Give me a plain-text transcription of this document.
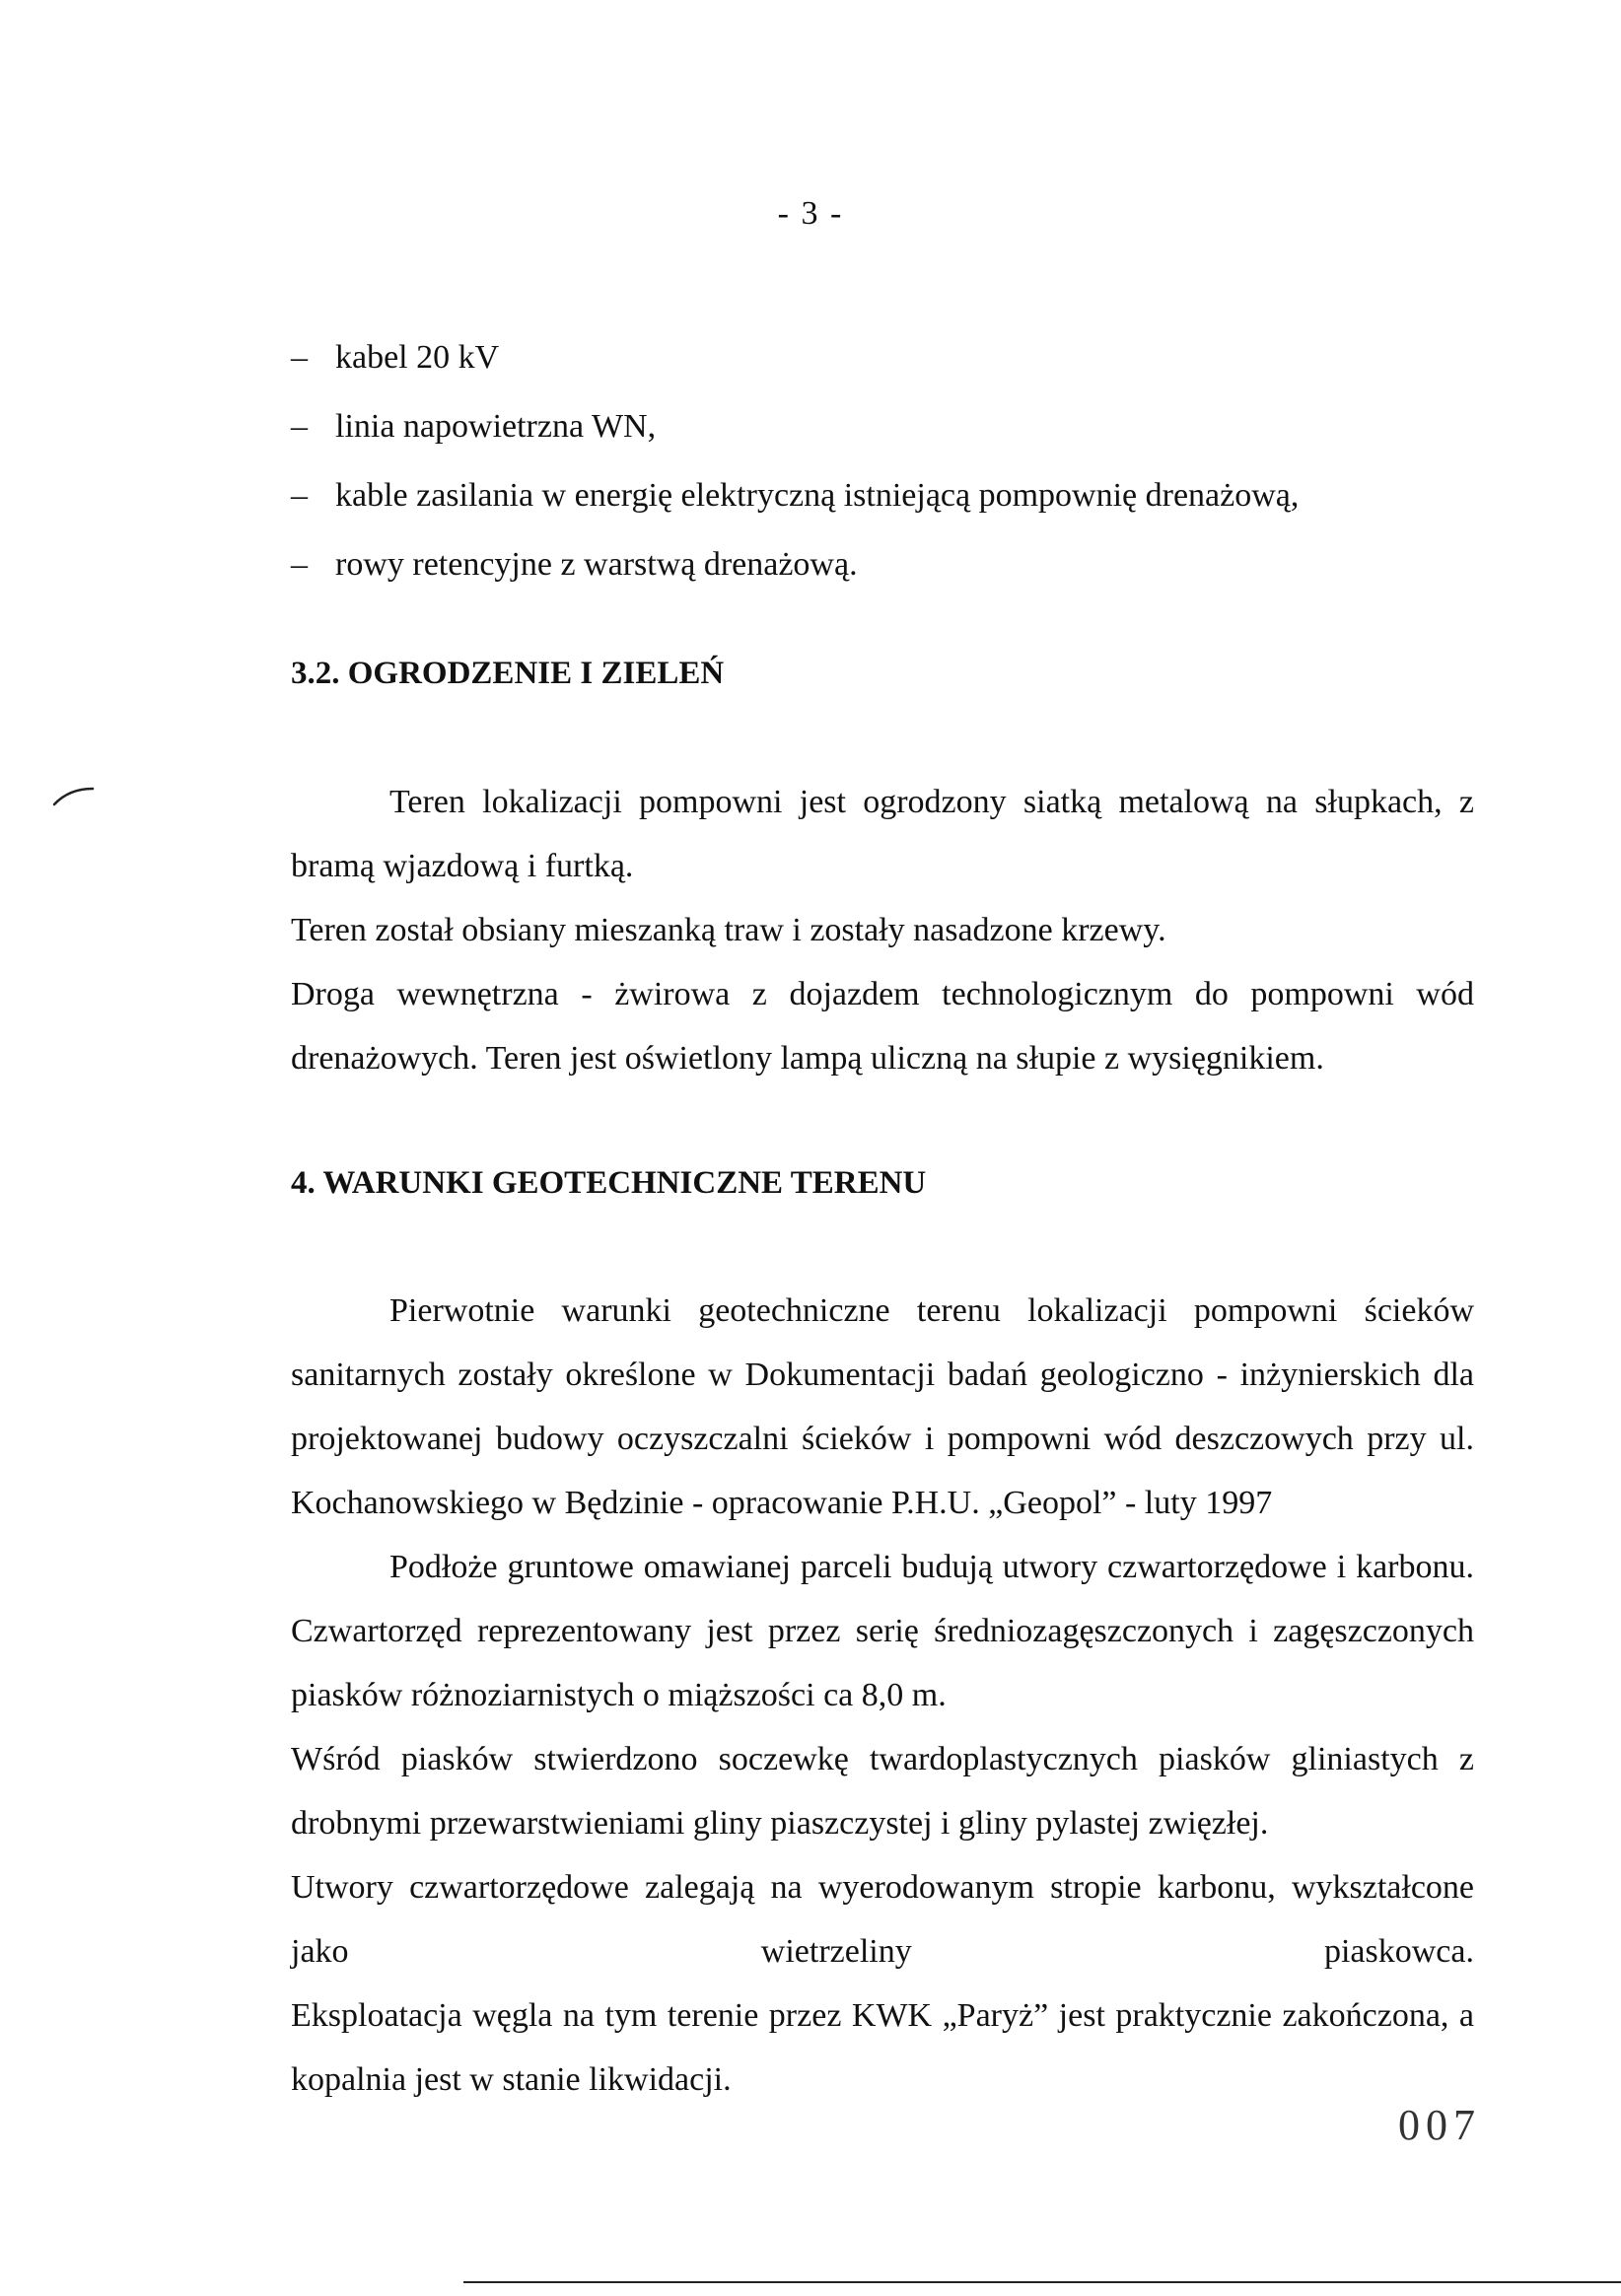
- 3 -
– kabel 20 kV
– linia napowietrzna WN,
– kable zasilania w energię elektryczną istniejącą pompownię drenażową,
– rowy retencyjne z warstwą drenażową.
3.2. OGRODZENIE I ZIELEŃ

Teren lokalizacji pompowni jest ogrodzony siatką metalową na słupkach, z bramą wjazdową i furtką.

Teren został obsiany mieszanką traw i zostały nasadzone krzewy.

Droga wewnętrzna - żwirowa z dojazdem technologicznym do pompowni wód drenażowych. Teren jest oświetlony lampą uliczną na słupie z wysięgnikiem.

4. WARUNKI GEOTECHNICZNE TERENU

Pierwotnie warunki geotechniczne terenu lokalizacji pompowni ścieków sanitarnych zostały określone w Dokumentacji badań geologiczno - inżynierskich dla projektowanej budowy oczyszczalni ścieków i pompowni wód deszczowych przy ul. Kochanowskiego w Będzinie - opracowanie P.H.U. „Geopol” - luty 1997

Podłoże gruntowe omawianej parceli budują utwory czwartorzędowe i karbonu. Czwartorzęd reprezentowany jest przez serię średniozagęszczonych i zagęszczonych piasków różnoziarnistych o miąższości ca 8,0 m.

Wśród piasków stwierdzono soczewkę twardoplastycznych piasków gliniastych z drobnymi przewarstwieniami gliny piaszczystej i gliny pylastej zwięzłej.

Utwory czwartorzędowe zalegają na wyerodowanym stropie karbonu, wykształcone jako wietrzeliny piaskowca.

Eksploatacja węgla na tym terenie przez KWK „Paryż” jest praktycznie zakończona, a kopalnia jest w stanie likwidacji.

007
